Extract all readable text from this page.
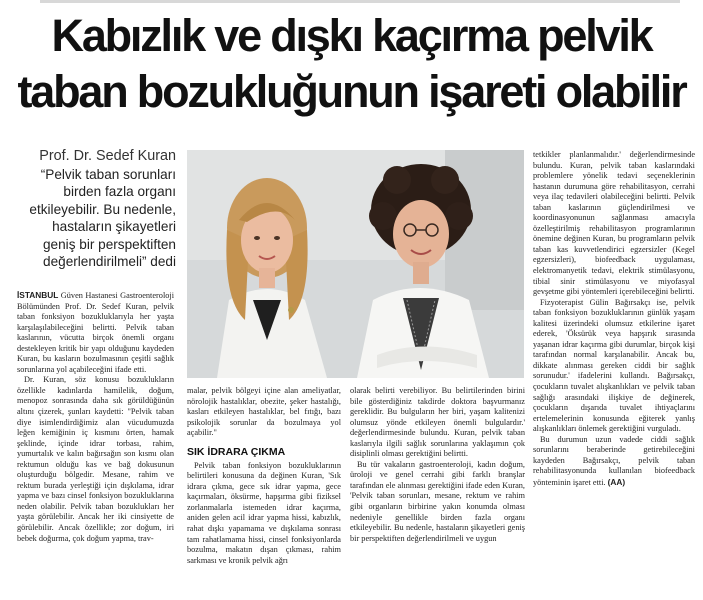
Kabızlık ve dışkı kaçırma pelvik
taban bozukluğunun işareti olabilir
Prof. Dr. Sedef Kuran
“Pelvik taban sorunları birden fazla organı etkileyebilir. Bu nedenle, hastaların şikayetleri geniş bir perspektiften değerlendirilmeli” dedi

İSTANBUL Güven Hastanesi Gastroenteroloji Bölümünden Prof. Dr. Sedef Kuran, pelvik taban fonksiyon bozukluklarıyla her yaşta karşılaşılabileceğini belirtti. Pelvik taban kaslarının, vücutta birçok önemli organı destekleyen kritik bir yapı olduğunu kaydeden Kuran, bu kasların bozulmasının çeşitli sağlık sorunlarına yol açabileceğini ifade etti.

Dr. Kuran, söz konusu bozuklukların özellikle kadınlarda hamilelik, doğum, menopoz sonrasında daha sık görüldüğünün altını çizerek, şunları kaydetti: "Pelvik taban diye isimlendirdiğimiz alan vücudumuzda leğen kemiğinin iç kısmını örten, hamak şeklinde, içinde idrar torbası, rahim, yumurtalık ve kalın bağırsağın son kısmı olan rektumun olduğu kas ve bağ dokusunun oluşturduğu bölgedir. Mesane, rahim ve rektum burada yerleştiği için dışkılama, idrar yapma ve bazı cinsel fonksiyon bozukluklarına neden olabilir. Pelvik taban bozuklukları her yaşta görülebilir. Ancak her iki cinsiyette de görülebilir. Ancak özellikle; zor doğum, iri bebek doğurma, çok doğum yapma, trav-

malar, pelvik bölgeyi içine alan ameliyatlar, nörolojik hastalıklar, obezite, şeker hastalığı, kasları etkileyen hastalıklar, bel fıtığı, bazı psikolojik sorunlar da bozulmaya yol açabilir."

SIK İDRARA ÇIKMA

Pelvik taban fonksiyon bozukluklarının belirtileri konusuna da değinen Kuran, 'Sık idrara çıkma, gece sık idrar yapma, gece kaçırmaları, öksürme, hapşırma gibi fiziksel zorlanmalarla istemeden idrar kaçırma, aniden gelen acil idrar yapma hissi, kabızlık, rahat dışkı yapamama ve dışkılama sonrası tam rahatlamama hissi, cinsel fonksiyonlarda bozulma, makatın dışan çıkması, rahim sarkması ve kronik pelvik ağrı

olarak belirti verebiliyor. Bu belirtilerinden birini bile gösterdiğiniz takdirde doktora başvurmanız gereklidir. Bu bulguların her biri, yaşam kalitenizi olumsuz yönde etkileyen önemli bulgulardır.' değerlendirmesinde bulundu. Kuran, pelvik taban kaslarıyla ilgili sağlık sorunlarına yaklaşımın çok disiplinli olması gerektiğini belirtti.

Bu tür vakaların gastroenteroloji, kadın doğum, üroloji ve genel cerrahi gibi farklı branşlar tarafından ele alınması gerektiğini ifade eden Kuran, 'Pelvik taban sorunları, mesane, rektum ve rahim gibi organların birbirine yakın konumda olması nedeniyle genellikle birden fazla organı etkileyebilir. Bu nedenle, hastaların şikayetleri geniş bir perspektiften değerlendirilmeli ve uygun

tetkikler planlanmalıdır.' değerlendirmesinde bulundu. Kuran, pelvik taban kaslarındaki problemlere yönelik tedavi seçeneklerinin hastanın durumuna göre rehabilitasyon, cerrahi veya ilaç tedavileri olabileceğini belirtti. Pelvik taban kaslarının güçlendirilmesi ve koordinasyonunun sağlanması amacıyla özelleştirilmiş rehabilitasyon programlarının önemine değinen Kuran, bu programların pelvik taban kas kuvvetlendirici egzersizler (Kegel egzersizleri), biofeedback uygulaması, elektromanyetik tedavi, elektrik stimülasyonu, tibial sinir stimülasyonu ve miyofasyal gevşetme gibi yöntemleri içerebileceğini belirtti.

Fizyoterapist Gülin Bağırsakçı ise, pelvik taban fonksiyon bozukluklarının günlük yaşam kalitesi üzerindeki olumsuz etkilerine işaret ederek, 'Öksürük veya hapşırık sırasında yaşanan idrar kaçırma gibi durumlar, birçok kişi tarafından normal karşılanabilir. Ancak bu, dikkate alınması gereken ciddi bir sağlık sorunudur.' ifadelerini kullandı. Bağırsakçı, çocukların tuvalet alışkanlıkları ve pelvik taban sağlığı arasındaki ilişkiye de değinerek, çocukların dışarıda tuvalet ihtiyaçlarını ertelemelerinin konusunda eğiterek yanlış alışkanlıkları önlemek gerektiğini vurguladı.

Bu durumun uzun vadede ciddi sağlık sorunlarını beraberinde getirebileceğini kaydeden Bağırsakçı, pelvik taban rehabilitasyonunda kullanılan biofeedback yönteminin işaret etti. (AA)
